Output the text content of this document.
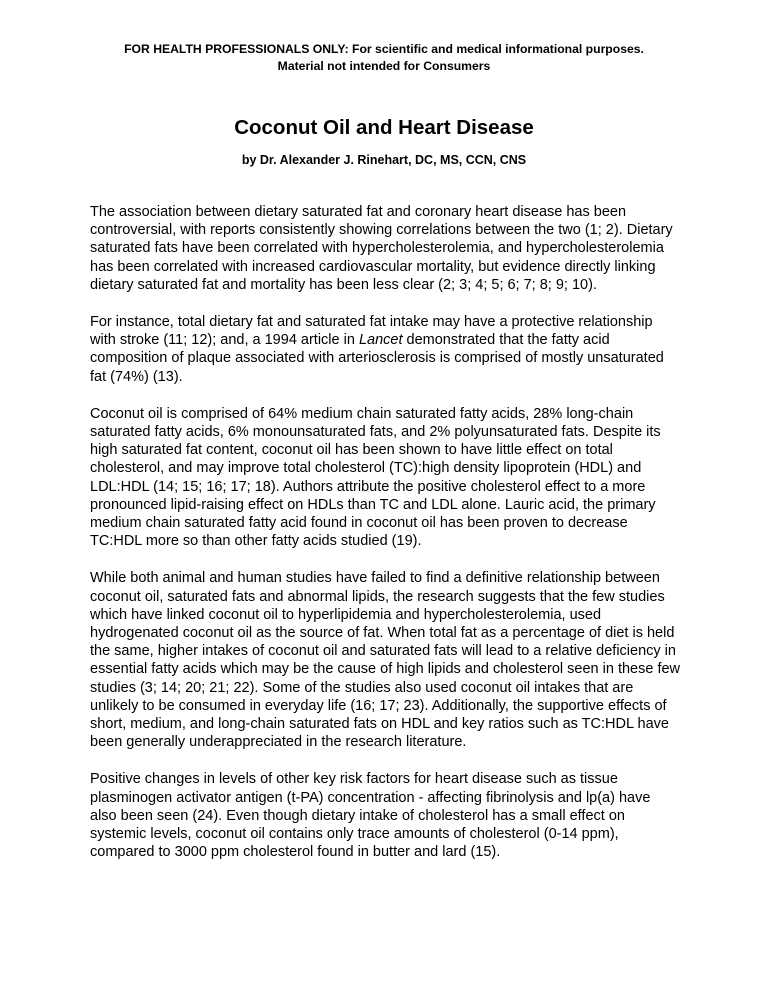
FOR HEALTH PROFESSIONALS ONLY: For scientific and medical informational purposes.
Material not intended for Consumers
Coconut Oil and Heart Disease
by Dr. Alexander J. Rinehart, DC, MS, CCN, CNS

The association between dietary saturated fat and coronary heart disease has been
controversial, with reports consistently showing correlations between the two (1; 2). Dietary
saturated fats have been correlated with hypercholesterolemia, and hypercholesterolemia
has been correlated with increased cardiovascular mortality, but evidence directly linking
dietary saturated fat and mortality has been less clear (2; 3; 4; 5; 6; 7; 8; 9; 10).

For instance, total dietary fat and saturated fat intake may have a protective relationship
with stroke (11; 12); and, a 1994 article in Lancet demonstrated that the fatty acid
composition of plaque associated with arteriosclerosis is comprised of mostly unsaturated
fat (74%) (13).

Coconut oil is comprised of 64% medium chain saturated fatty acids, 28% long-chain
saturated fatty acids, 6% monounsaturated fats, and 2% polyunsaturated fats. Despite its
high saturated fat content, coconut oil has been shown to have little effect on total
cholesterol, and may improve total cholesterol (TC):high density lipoprotein (HDL) and
LDL:HDL (14; 15; 16; 17; 18). Authors attribute the positive cholesterol effect to a more
pronounced lipid-raising effect on HDLs than TC and LDL alone. Lauric acid, the primary
medium chain saturated fatty acid found in coconut oil has been proven to decrease
TC:HDL more so than other fatty acids studied (19).

While both animal and human studies have failed to find a definitive relationship between
coconut oil, saturated fats and abnormal lipids, the research suggests that the few studies
which have linked coconut oil to hyperlipidemia and hypercholesterolemia, used
hydrogenated coconut oil as the source of fat. When total fat as a percentage of diet is held
the same, higher intakes of coconut oil and saturated fats will lead to a relative deficiency in
essential fatty acids which may be the cause of high lipids and cholesterol seen in these few
studies (3; 14; 20; 21; 22). Some of the studies also used coconut oil intakes that are
unlikely to be consumed in everyday life (16; 17; 23). Additionally, the supportive effects of
short, medium, and long-chain saturated fats on HDL and key ratios such as TC:HDL have
been generally underappreciated in the research literature.

Positive changes in levels of other key risk factors for heart disease such as tissue
plasminogen activator antigen (t-PA) concentration - affecting fibrinolysis and lp(a) have
also been seen (24). Even though dietary intake of cholesterol has a small effect on
systemic levels, coconut oil contains only trace amounts of cholesterol (0-14 ppm),
compared to 3000 ppm cholesterol found in butter and lard (15).
